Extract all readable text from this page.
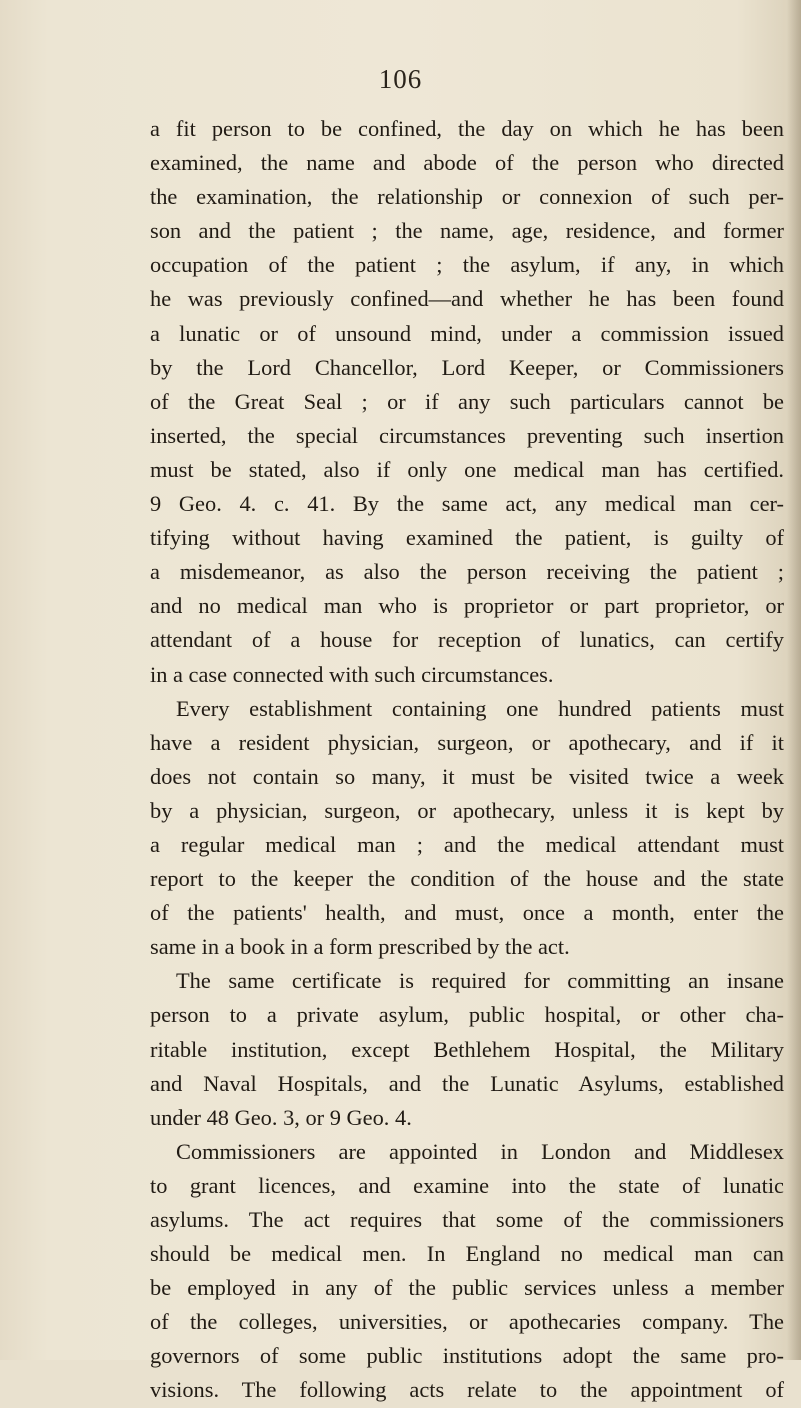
106
a fit person to be confined, the day on which he has been
examined, the name and abode of the person who directed
the examination, the relationship or connexion of such per-
son and the patient ; the name, age, residence, and former
occupation of the patient ; the asylum, if any, in which
he was previously confined—and whether he has been found
a lunatic or of unsound mind, under a commission issued
by the Lord Chancellor, Lord Keeper, or Commissioners
of the Great Seal ; or if any such particulars cannot be
inserted, the special circumstances preventing such insertion
must be stated, also if only one medical man has certified.
9 Geo. 4. c. 41. By the same act, any medical man cer-
tifying without having examined the patient, is guilty of
a misdemeanor, as also the person receiving the patient ;
and no medical man who is proprietor or part proprietor, or
attendant of a house for reception of lunatics, can certify
in a case connected with such circumstances.
Every establishment containing one hundred patients must
have a resident physician, surgeon, or apothecary, and if it
does not contain so many, it must be visited twice a week
by a physician, surgeon, or apothecary, unless it is kept by
a regular medical man ; and the medical attendant must
report to the keeper the condition of the house and the state
of the patients' health, and must, once a month, enter the
same in a book in a form prescribed by the act.
The same certificate is required for committing an insane
person to a private asylum, public hospital, or other cha-
ritable institution, except Bethlehem Hospital, the Military
and Naval Hospitals, and the Lunatic Asylums, established
under 48 Geo. 3, or 9 Geo. 4.
Commissioners are appointed in London and Middlesex
to grant licences, and examine into the state of lunatic
asylums. The act requires that some of the commissioners
should be medical men. In England no medical man can
be employed in any of the public services unless a member
of the colleges, universities, or apothecaries company. The
governors of some public institutions adopt the same pro-
visions. The following acts relate to the appointment of
